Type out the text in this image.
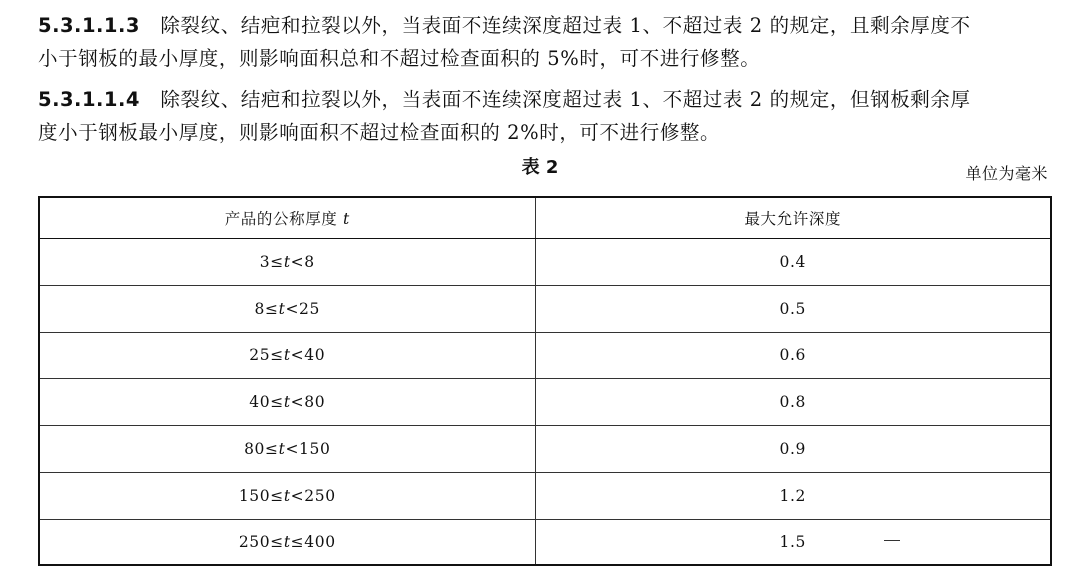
5.3.1.1.3 除裂纹、结疤和拉裂以外，当表面不连续深度超过表 1、不超过表 2 的规定，且剩余厚度不
小于钢板的最小厚度，则影响面积总和不超过检查面积的 5%时，可不进行修整。
5.3.1.1.4 除裂纹、结疤和拉裂以外，当表面不连续深度超过表 1、不超过表 2 的规定，但钢板剩余厚
度小于钢板最小厚度，则影响面积不超过检查面积的 2%时，可不进行修整。
表 2	单位为毫米
产品的公称厚度 t	最大允许深度
3≤t<8	0.4
8≤t<25	0.5
25≤t<40	0.6
40≤t<80	0.8
80≤t<150	0.9
150≤t<250	1.2
250≤t≤400	1.5
